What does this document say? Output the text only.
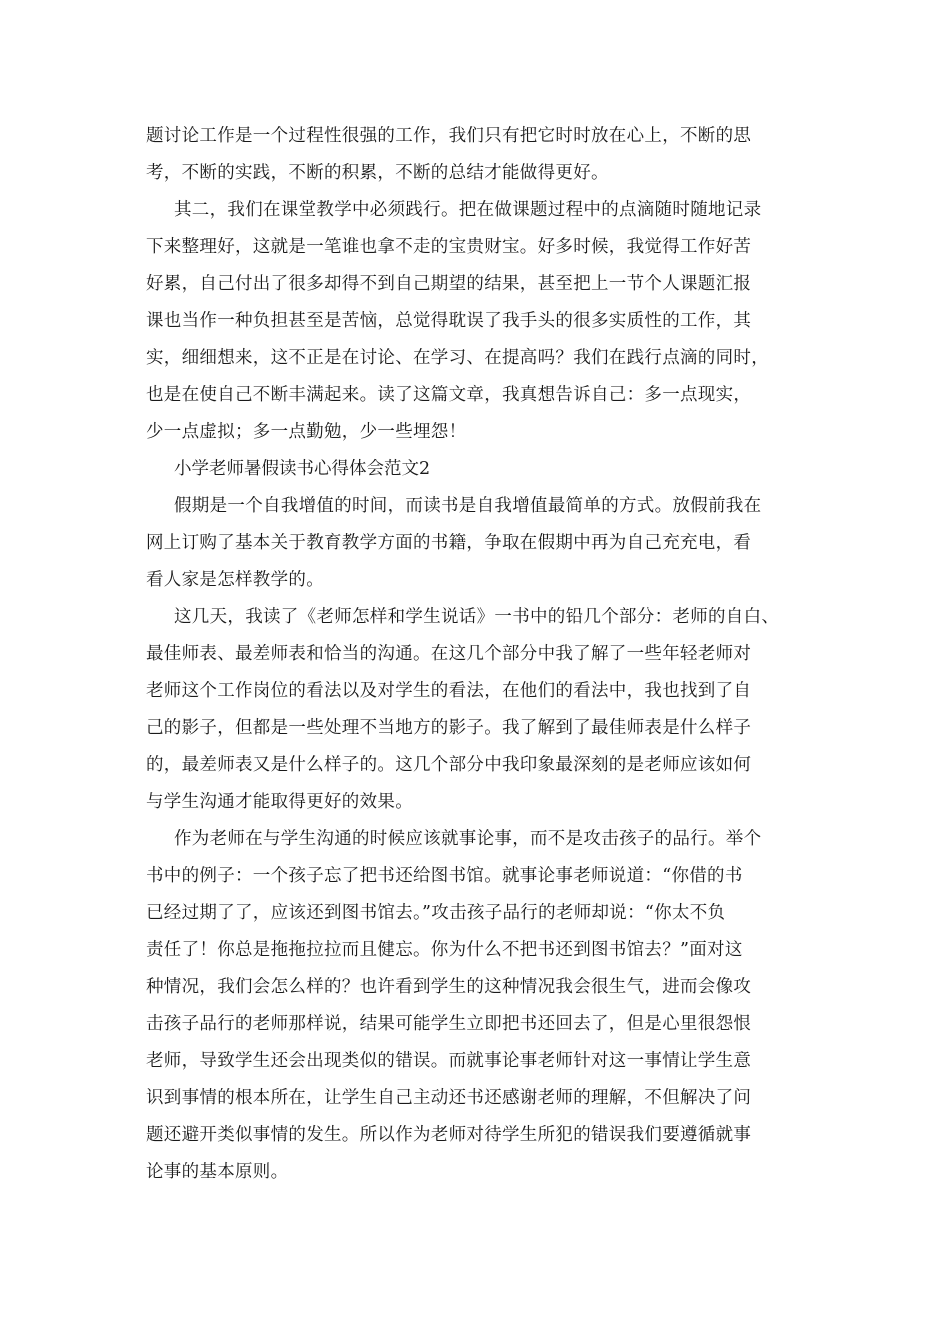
题讨论工作是一个过程性很强的工作，我们只有把它时时放在心上，不断的思
考，不断的实践，不断的积累，不断的总结才能做得更好。
其二，我们在课堂教学中必须践行。把在做课题过程中的点滴随时随地记录
下来整理好，这就是一笔谁也拿不走的宝贵财宝。好多时候，我觉得工作好苦
好累，自己付出了很多却得不到自己期望的结果，甚至把上一节个人课题汇报
课也当作一种负担甚至是苦恼，总觉得耽误了我手头的很多实质性的工作，其
实，细细想来，这不正是在讨论、在学习、在提高吗？我们在践行点滴的同时，
也是在使自己不断丰满起来。读了这篇文章，我真想告诉自己：多一点现实，
少一点虚拟；多一点勤勉，少一些埋怨！
小学老师暑假读书心得体会范文2
假期是一个自我增值的时间，而读书是自我增值最简单的方式。放假前我在
网上订购了基本关于教育教学方面的书籍，争取在假期中再为自己充充电，看
看人家是怎样教学的。
这几天，我读了《老师怎样和学生说话》一书中的铅几个部分：老师的自白、
最佳师表、最差师表和恰当的沟通。在这几个部分中我了解了一些年轻老师对
老师这个工作岗位的看法以及对学生的看法，在他们的看法中，我也找到了自
己的影子，但都是一些处理不当地方的影子。我了解到了最佳师表是什么样子
的，最差师表又是什么样子的。这几个部分中我印象最深刻的是老师应该如何
与学生沟通才能取得更好的效果。
作为老师在与学生沟通的时候应该就事论事，而不是攻击孩子的品行。举个
书中的例子：一个孩子忘了把书还给图书馆。就事论事老师说道：“你借的书
已经过期了了，应该还到图书馆去。”攻击孩子品行的老师却说：“你太不负
责任了！你总是拖拖拉拉而且健忘。你为什么不把书还到图书馆去？”面对这
种情况，我们会怎么样的？也许看到学生的这种情况我会很生气，进而会像攻
击孩子品行的老师那样说，结果可能学生立即把书还回去了，但是心里很怨恨
老师，导致学生还会出现类似的错误。而就事论事老师针对这一事情让学生意
识到事情的根本所在，让学生自己主动还书还感谢老师的理解，不但解决了问
题还避开类似事情的发生。所以作为老师对待学生所犯的错误我们要遵循就事
论事的基本原则。
